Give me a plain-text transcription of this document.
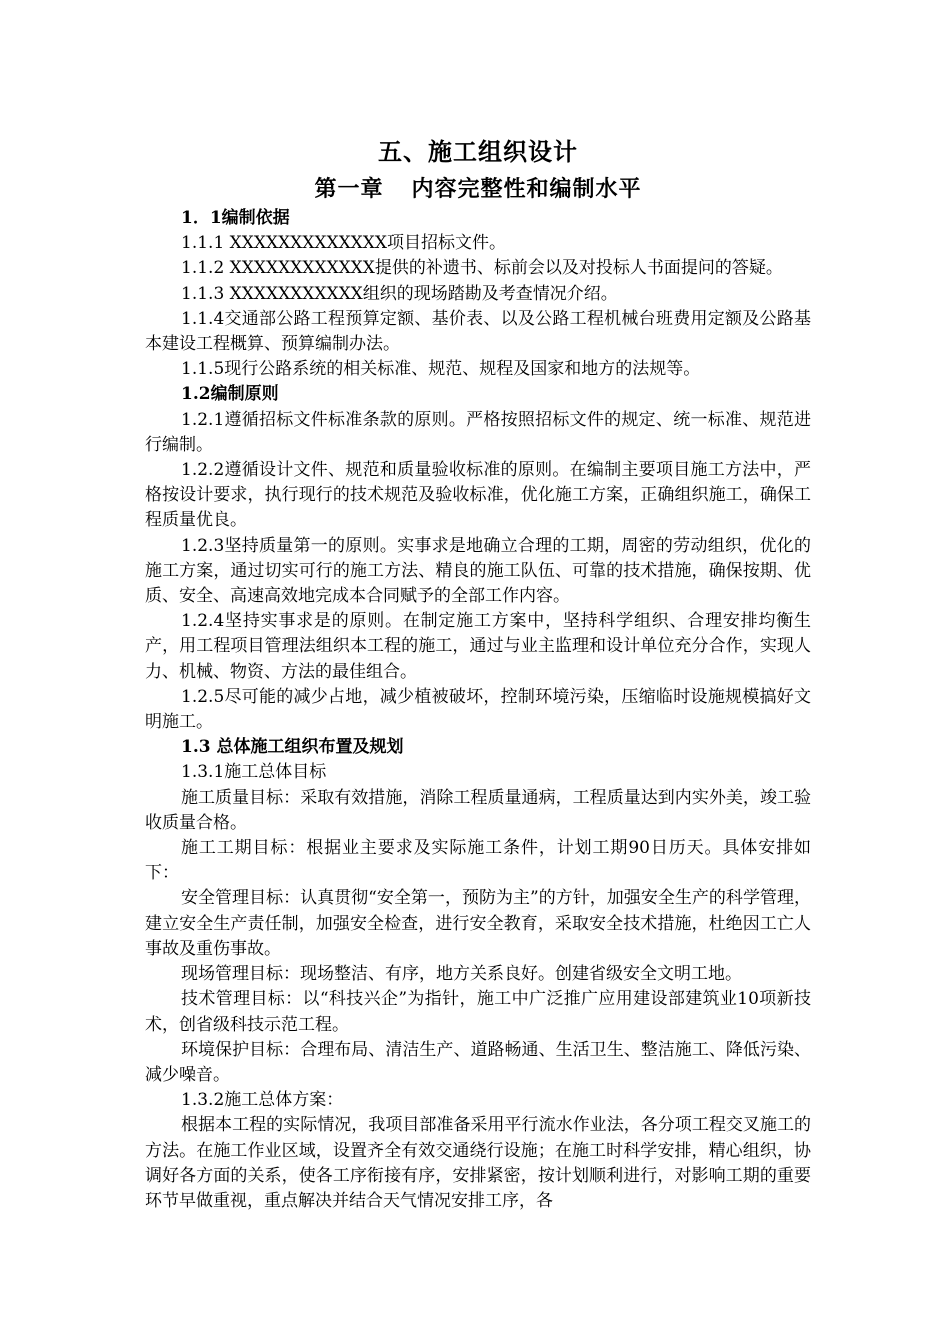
五、施工组织设计
第一章 内容完整性和编制水平

1．1编制依据

1.1.1 XXXXXXXXXXXXX项目招标文件。

1.1.2 XXXXXXXXXXXX提供的补遗书、标前会以及对投标人书面提问的答疑。

1.1.3 XXXXXXXXXXX组织的现场踏勘及考查情况介绍。

1.1.4交通部公路工程预算定额、基价表、以及公路工程机械台班费用定额及公路基本建设工程概算、预算编制办法。

1.1.5现行公路系统的相关标准、规范、规程及国家和地方的法规等。

1.2编制原则

1.2.1遵循招标文件标准条款的原则。严格按照招标文件的规定、统一标准、规范进行编制。

1.2.2遵循设计文件、规范和质量验收标准的原则。在编制主要项目施工方法中，严格按设计要求，执行现行的技术规范及验收标准，优化施工方案，正确组织施工，确保工程质量优良。

1.2.3坚持质量第一的原则。实事求是地确立合理的工期，周密的劳动组织，优化的施工方案，通过切实可行的施工方法、精良的施工队伍、可靠的技术措施，确保按期、优质、安全、高速高效地完成本合同赋予的全部工作内容。

1.2.4坚持实事求是的原则。在制定施工方案中，坚持科学组织、合理安排均衡生产，用工程项目管理法组织本工程的施工，通过与业主监理和设计单位充分合作，实现人力、机械、物资、方法的最佳组合。

1.2.5尽可能的减少占地，减少植被破坏，控制环境污染，压缩临时设施规模搞好文明施工。

1.3 总体施工组织布置及规划

1.3.1施工总体目标

施工质量目标：采取有效措施，消除工程质量通病，工程质量达到内实外美，竣工验收质量合格。

施工工期目标：根据业主要求及实际施工条件，计划工期90日历天。具体安排如下：

安全管理目标：认真贯彻“安全第一，预防为主”的方针，加强安全生产的科学管理，建立安全生产责任制，加强安全检查，进行安全教育，采取安全技术措施，杜绝因工亡人事故及重伤事故。

现场管理目标：现场整洁、有序，地方关系良好。创建省级安全文明工地。

技术管理目标：以“科技兴企”为指针，施工中广泛推广应用建设部建筑业10项新技术，创省级科技示范工程。

环境保护目标：合理布局、清洁生产、道路畅通、生活卫生、整洁施工、降低污染、减少噪音。

1.3.2施工总体方案：

根据本工程的实际情况，我项目部准备采用平行流水作业法，各分项工程交叉施工的方法。在施工作业区域，设置齐全有效交通绕行设施；在施工时科学安排，精心组织，协调好各方面的关系，使各工序衔接有序，安排紧密，按计划顺利进行，对影响工期的重要环节早做重视，重点解决并结合天气情况安排工序，各
